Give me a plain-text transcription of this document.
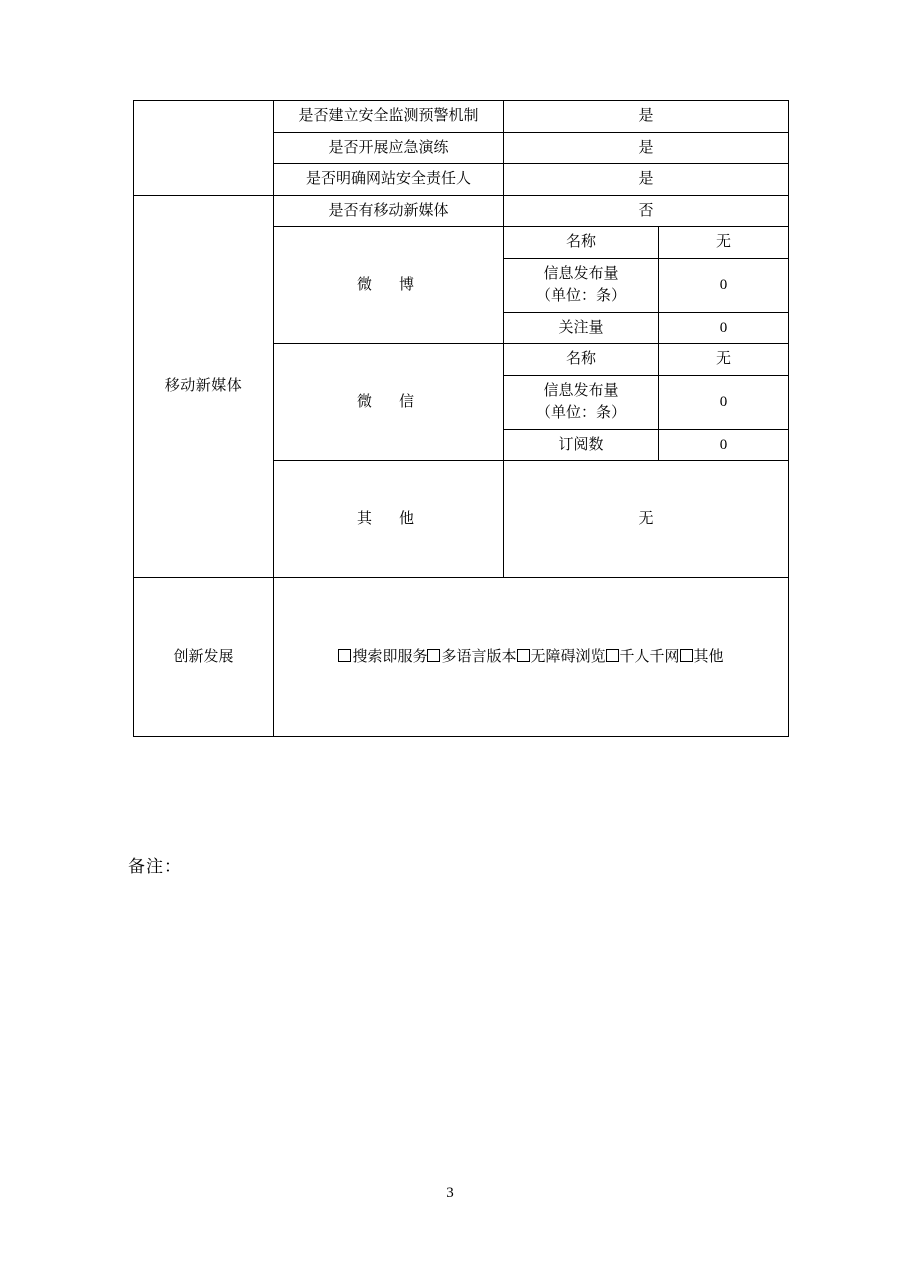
	是否建立安全监测预警机制	是	
	是否开展应急演练	是	
	是否明确网站安全责任人	是	
移动新媒体	是否有移动新媒体	否	
	微　博	名称	无
		信息发布量
（单位：条）	0
		关注量	0
	微　信	名称	无
		信息发布量
（单位：条）	0
		订阅数	0
	其　他	无	
创新发展	搜索即服务 多语言版本 无障碍浏览 千人千网 其他		
备注：
3
